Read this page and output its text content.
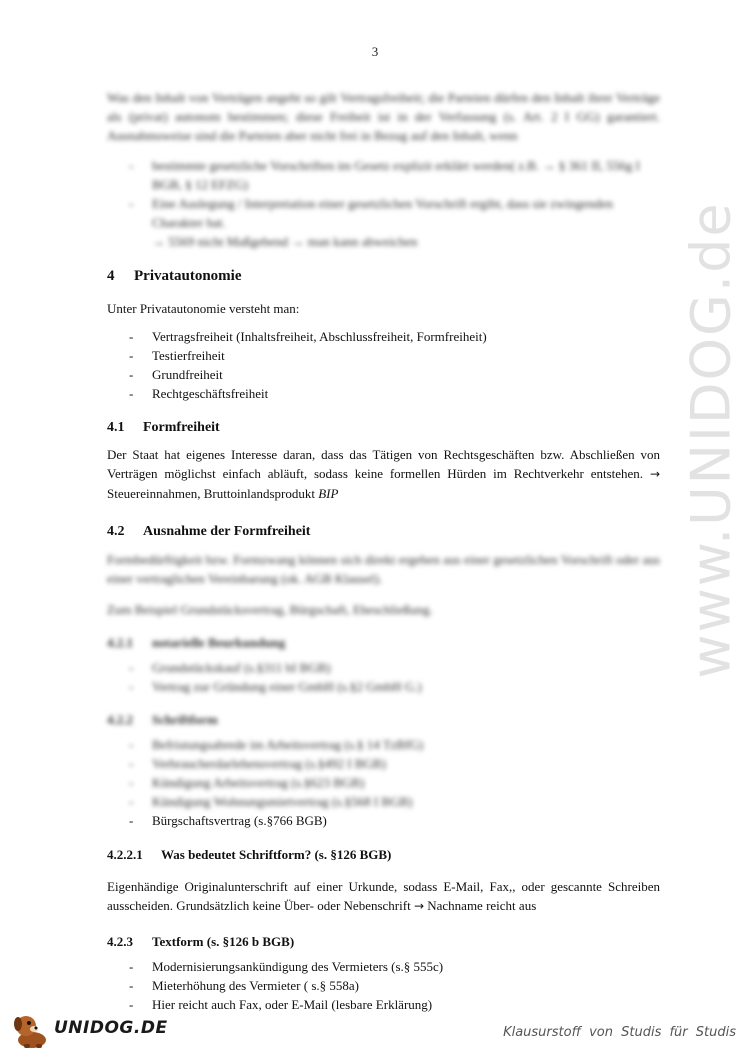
3

Was den Inhalt von Verträgen angeht so gilt Vertragsfreiheit; die Parteien dürfen den Inhalt ihrer Verträge als (privat) autonom bestimmen; diese Freiheit ist in der Verfassung (s. Art. 2 I GG) garantiert. Ausnahmsweise sind die Parteien aber nicht frei in Bezug auf den Inhalt, wenn

- bestimmte gesetzliche Vorschriften im Gesetz explizit erklärt werden( z.B. → § 361 II, 556g I BGB, § 12 EFZG)
- Eine Auslegung / Interpretation einer gesetzlichen Vorschrift ergibt, dass sie zwingenden Charakter hat.
→ 5569 nicht Maßgebend → man kann abweichen
4 Privatautonomie

Unter Privatautonomie versteht man:

- Vertragsfreiheit (Inhaltsfreiheit, Abschlussfreiheit, Formfreiheit)
- Testierfreiheit
- Grundfreiheit
- Rechtgeschäftsfreiheit
4.1 Formfreiheit

Der Staat hat eigenes Interesse daran, dass das Tätigen von Rechtsgeschäften bzw. Abschließen von Verträgen möglichst einfach abläuft, sodass keine formellen Hürden im Rechtverkehr entstehen. → Steuereinnahmen, Bruttoinlandsprodukt BIP

4.2 Ausnahme der Formfreiheit

Formbedürftigkeit bzw. Formzwang können sich direkt ergeben aus einer gesetzlichen Vorschrift oder aus einer vertraglichen Vereinbarung (ok. AGB Klausel).

Zum Beispiel Grundstücksvertrag, Bürgschaft, Eheschließung.

4.2.1 notarielle Beurkundung
- Grundstückskauf (s.§311 bI BGB)
- Vertrag zur Gründung einer GmbH (s.§2 GmbH G.)
4.2.2 Schriftform
- Befristungsabrede im Arbeitsvertrag (s.§ 14 TzBfG)
- Verbraucherdarlehensvertrag (s.§492 I BGB)
- Kündigung Arbeitsvertrag (s.§623 BGB)
- Kündigung Wohnungsmietvertrag (s.§568 I BGB)
- Bürgschaftsvertrag (s.§766 BGB)
4.2.2.1 Was bedeutet Schriftform? (s. §126 BGB)

Eigenhändige Originalunterschrift auf einer Urkunde, sodass E-Mail, Fax,, oder gescannte Schreiben ausscheiden. Grundsätzlich keine Über- oder Nebenschrift → Nachname reicht aus

4.2.3 Textform (s. §126 b BGB)
- Modernisierungsankündigung des Vermieters (s.§ 555c)
- Mieterhöhung des Vermieter ( s.§ 558a)
- Hier reicht auch Fax, oder E-Mail (lesbare Erklärung)
www.UNIDOG.de
UNIDOG.DE	Klausurstoff von Studis für Studis
